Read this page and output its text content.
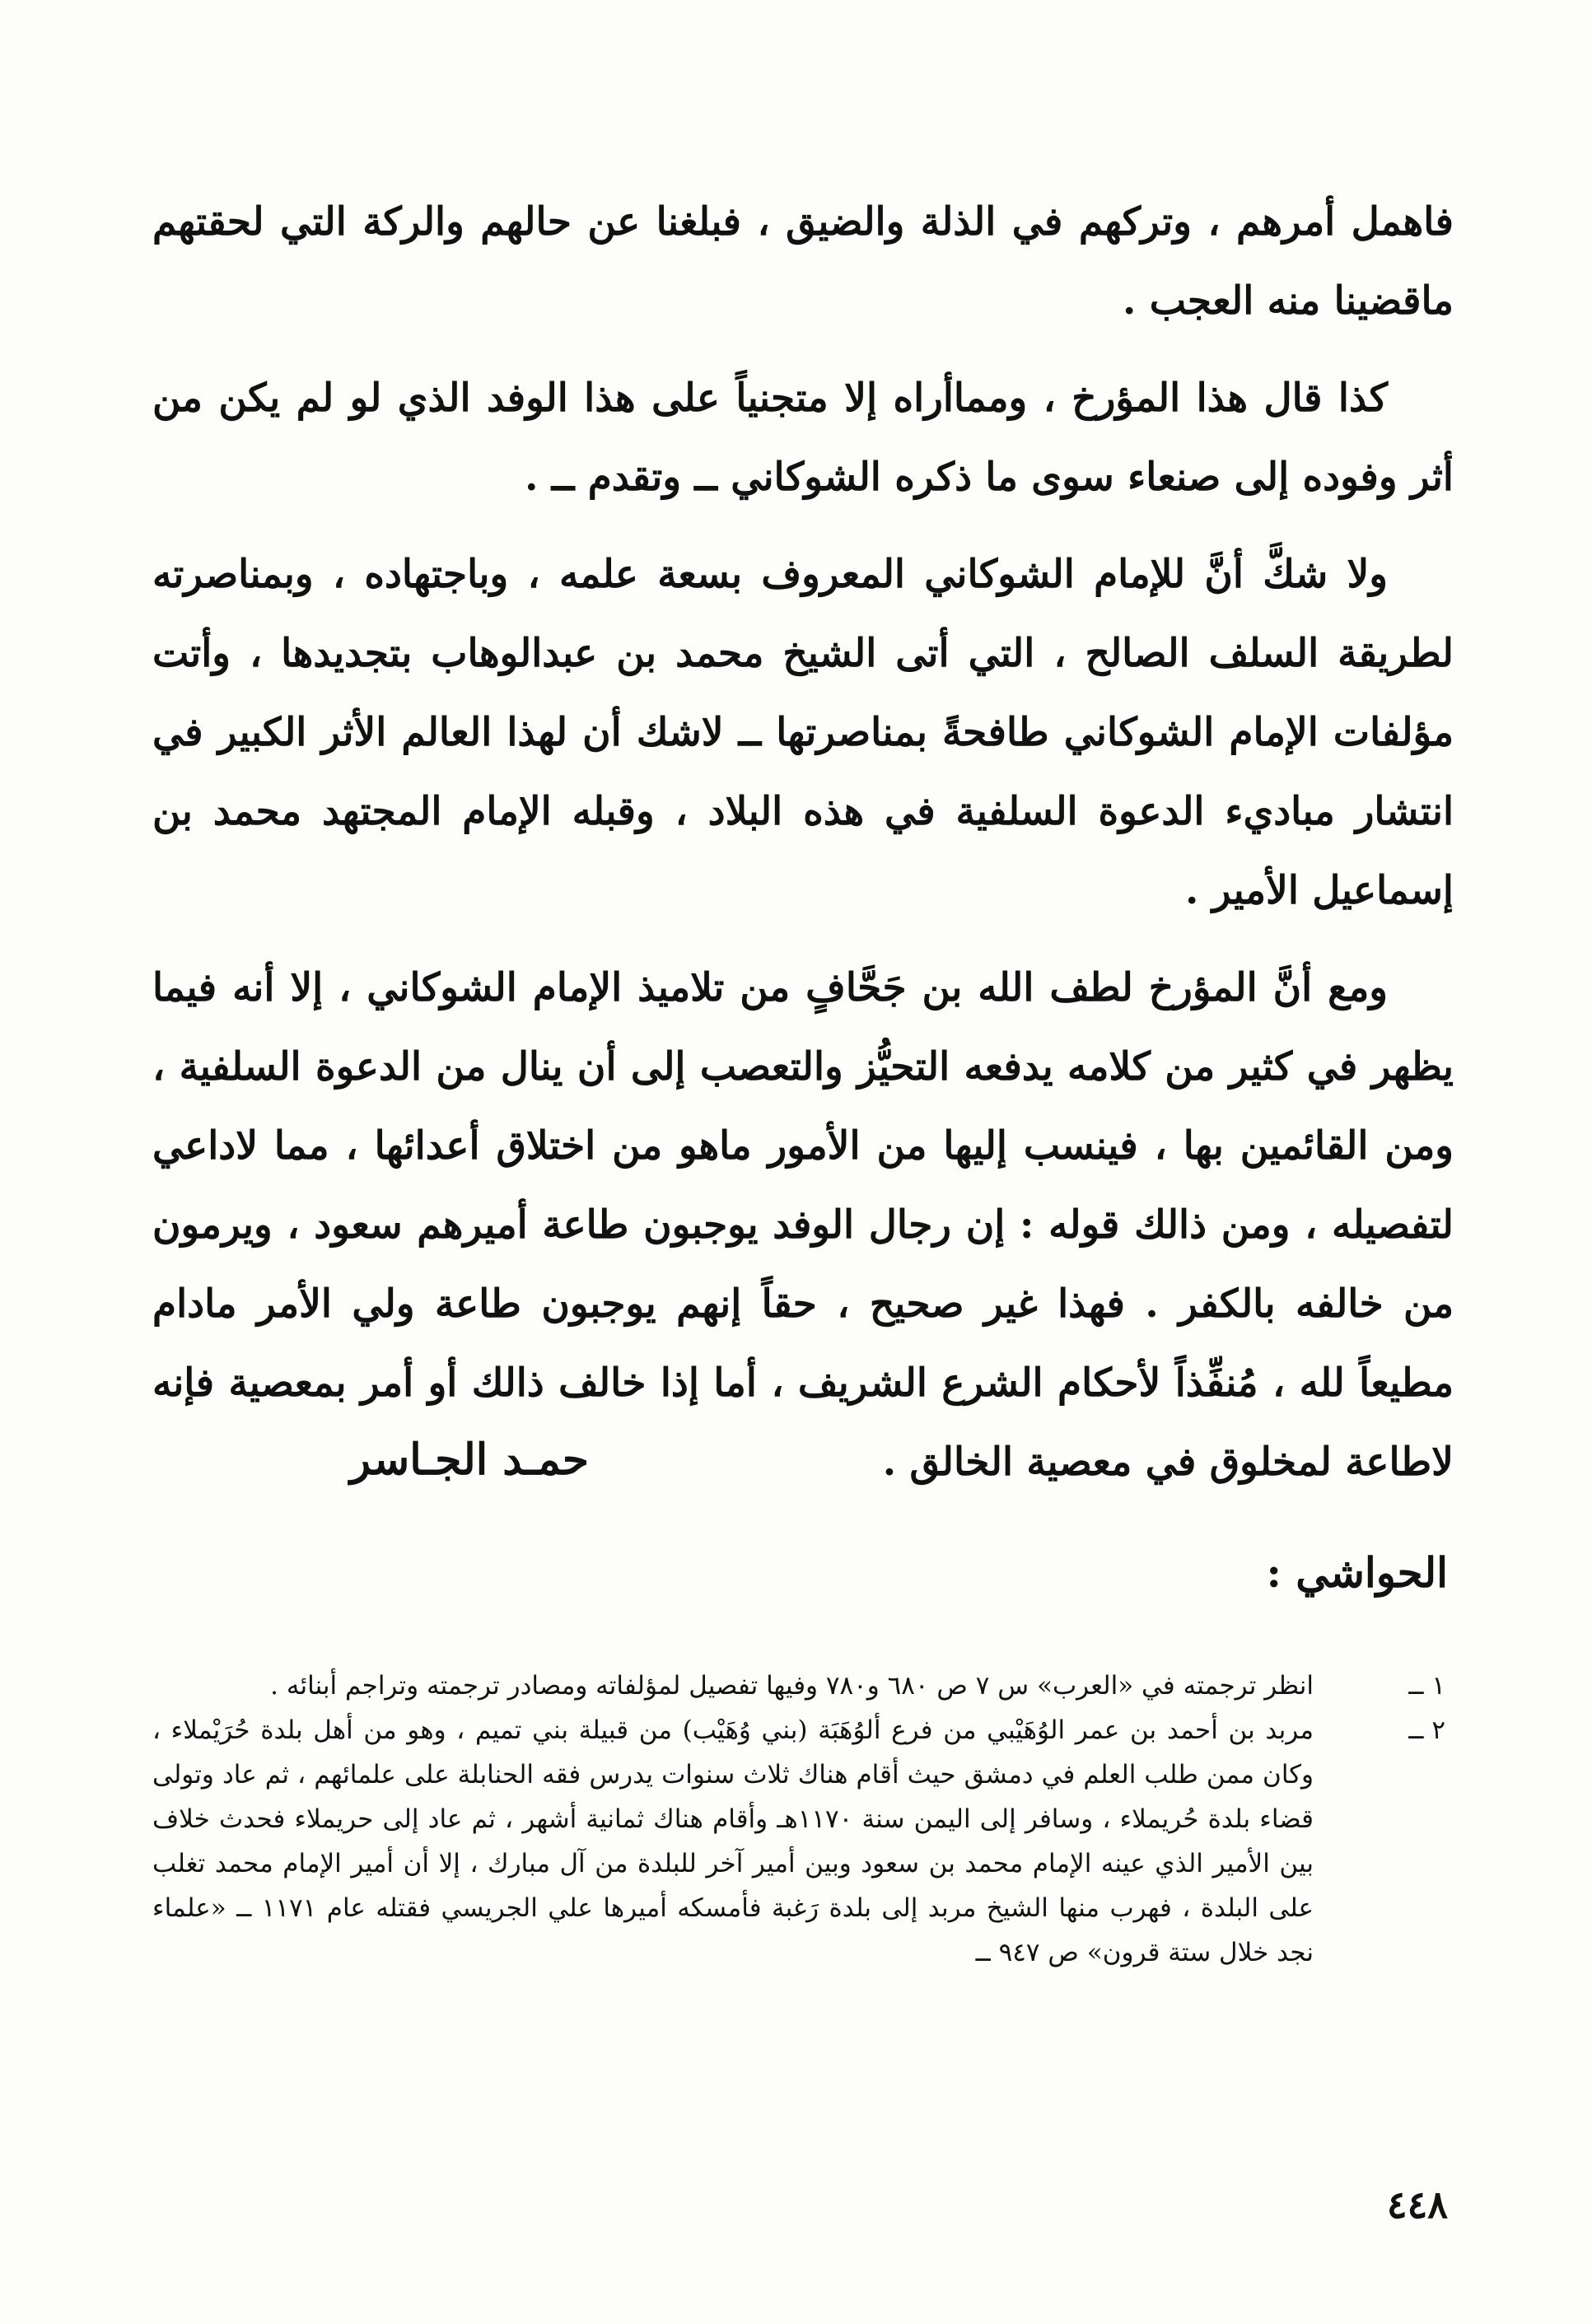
فاهمل أمرهم ، وتركهم في الذلة والضيق ، فبلغنا عن حالهم والركة التي لحقتهم ماقضينا منه العجب .

كذا قال هذا المؤرخ ، ومماأراه إلا متجنياً على هذا الوفد الذي لو لم يكن من أثر وفوده إلى صنعاء سوى ما ذكره الشوكاني ــ وتقدم ــ .

ولا شكَّ أنَّ للإمام الشوكاني المعروف بسعة علمه ، وباجتهاده ، وبمناصرته لطريقة السلف الصالح ، التي أتى الشيخ محمد بن عبدالوهاب بتجديدها ، وأتت مؤلفات الإمام الشوكاني طافحةً بمناصرتها ــ لاشك أن لهذا العالم الأثر الكبير في انتشار مباديء الدعوة السلفية في هذه البلاد ، وقبله الإمام المجتهد محمد بن إسماعيل الأمير .

ومع أنَّ المؤرخ لطف الله بن جَحَّافٍ من تلاميذ الإمام الشوكاني ، إلا أنه فيما يظهر في كثير من كلامه يدفعه التحيُّز والتعصب إلى أن ينال من الدعوة السلفية ، ومن القائمين بها ، فينسب إليها من الأمور ماهو من اختلاق أعدائها ، مما لاداعي لتفصيله ، ومن ذالك قوله : إن رجال الوفد يوجبون طاعة أميرهم سعود ، ويرمون من خالفه بالكفر . فهذا غير صحيح ، حقاً إنهم يوجبون طاعة ولي الأمر مادام مطيعاً لله ، مُنفِّذاً لأحكام الشرع الشريف ، أما إذا خالف ذالك أو أمر بمعصية فإنه لاطاعة لمخلوق في معصية الخالق .

حمـد الجـاسر
الحواشي :
١ ــ
انظر ترجمته في «العرب» س ٧ ص ٦٨٠ و٧٨٠ وفيها تفصيل لمؤلفاته ومصادر ترجمته وتراجم أبنائه .
٢ ــ
مربد بن أحمد بن عمر الوُهَيْبي من فرع ألوُهَبَة (بني وُهَيْب) من قبيلة بني تميم ، وهو من أهل بلدة حُرَيْملاء ، وكان ممن طلب العلم في دمشق حيث أقام هناك ثلاث سنوات يدرس فقه الحنابلة على علمائهم ، ثم عاد وتولى قضاء بلدة حُريملاء ، وسافر إلى اليمن سنة ١١٧٠هـ وأقام هناك ثمانية أشهر ، ثم عاد إلى حريملاء فحدث خلاف بين الأمير الذي عينه الإمام محمد بن سعود وبين أمير آخر للبلدة من آل مبارك ، إلا أن أمير الإمام محمد تغلب على البلدة ، فهرب منها الشيخ مربد إلى بلدة رَغبة فأمسكه أميرها علي الجريسي فقتله عام ١١٧١ ــ «علماء نجد خلال ستة قرون» ص ٩٤٧ ــ
٤٤٨
